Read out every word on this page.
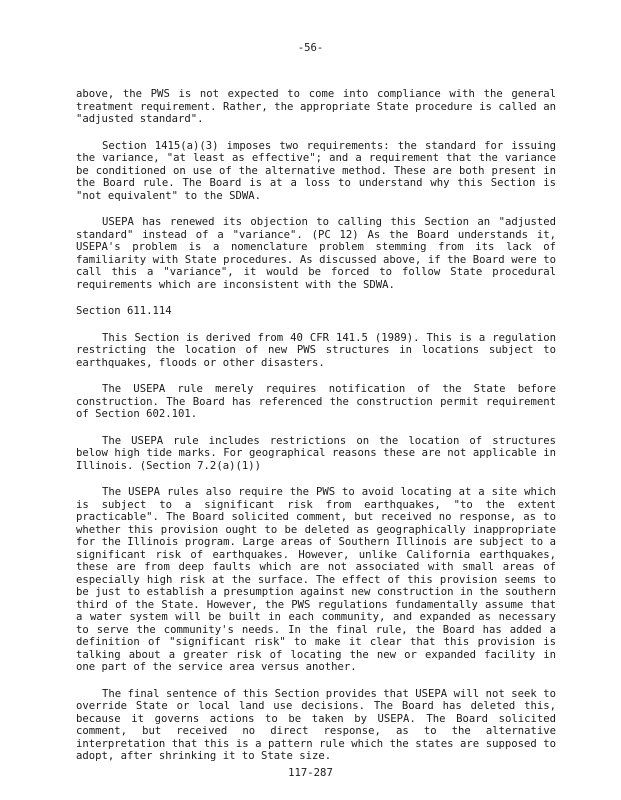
-56-

above, the PWS is not expected to come into compliance with the general treatment requirement. Rather, the appropriate State procedure is called an "adjusted standard".

Section 1415(a)(3) imposes two requirements: the standard for issuing the variance, "at least as effective"; and a requirement that the variance be conditioned on use of the alternative method. These are both present in the Board rule. The Board is at a loss to understand why this Section is "not equivalent" to the SDWA.

USEPA has renewed its objection to calling this Section an "adjusted standard" instead of a "variance". (PC 12) As the Board understands it, USEPA's problem is a nomenclature problem stemming from its lack of familiarity with State procedures. As discussed above, if the Board were to call this a "variance", it would be forced to follow State procedural requirements which are inconsistent with the SDWA.

Section 611.114

This Section is derived from 40 CFR 141.5 (1989). This is a regulation restricting the location of new PWS structures in locations subject to earthquakes, floods or other disasters.

The USEPA rule merely requires notification of the State before construction. The Board has referenced the construction permit requirement of Section 602.101.

The USEPA rule includes restrictions on the location of structures below high tide marks. For geographical reasons these are not applicable in Illinois. (Section 7.2(a)(1))

The USEPA rules also require the PWS to avoid locating at a site which is subject to a significant risk from earthquakes, "to the extent practicable". The Board solicited comment, but received no response, as to whether this provision ought to be deleted as geographically inappropriate for the Illinois program. Large areas of Southern Illinois are subject to a significant risk of earthquakes. However, unlike California earthquakes, these are from deep faults which are not associated with small areas of especially high risk at the surface. The effect of this provision seems to be just to establish a presumption against new construction in the southern third of the State. However, the PWS regulations fundamentally assume that a water system will be built in each community, and expanded as necessary to serve the community's needs. In the final rule, the Board has added a definition of "significant risk" to make it clear that this provision is talking about a greater risk of locating the new or expanded facility in one part of the service area versus another.

The final sentence of this Section provides that USEPA will not seek to override State or local land use decisions. The Board has deleted this, because it governs actions to be taken by USEPA. The Board solicited comment, but received no direct response, as to the alternative interpretation that this is a pattern rule which the states are supposed to adopt, after shrinking it to State size.

117-287
